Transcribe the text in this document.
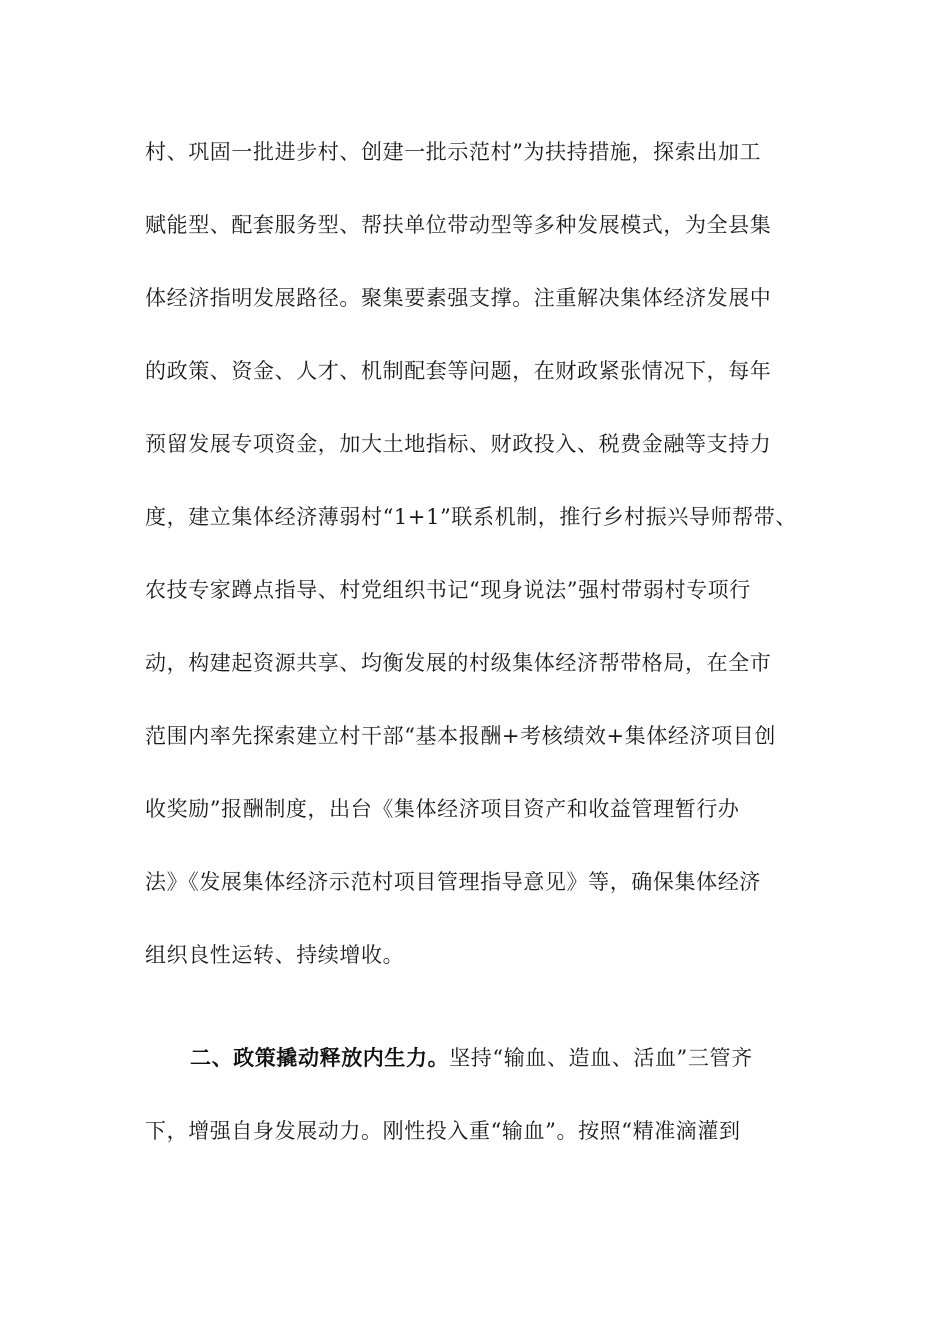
村、巩固一批进步村、创建一批示范村”为扶持措施，探索出加工
赋能型、配套服务型、帮扶单位带动型等多种发展模式，为全县集
体经济指明发展路径。聚集要素强支撑。注重解决集体经济发展中
的政策、资金、人才、机制配套等问题，在财政紧张情况下，每年
预留发展专项资金，加大土地指标、财政投入、税费金融等支持力
度，建立集体经济薄弱村“1+1”联系机制，推行乡村振兴导师帮带、
农技专家蹲点指导、村党组织书记“现身说法”强村带弱村专项行
动，构建起资源共享、均衡发展的村级集体经济帮带格局，在全市
范围内率先探索建立村干部“基本报酬+考核绩效+集体经济项目创
收奖励”报酬制度，出台《集体经济项目资产和收益管理暂行办
法》《发展集体经济示范村项目管理指导意见》等，确保集体经济
组织良性运转、持续增收。
二、政策撬动释放内生力。坚持“输血、造血、活血”三管齐
下，增强自身发展动力。刚性投入重“输血”。按照“精准滴灌到
